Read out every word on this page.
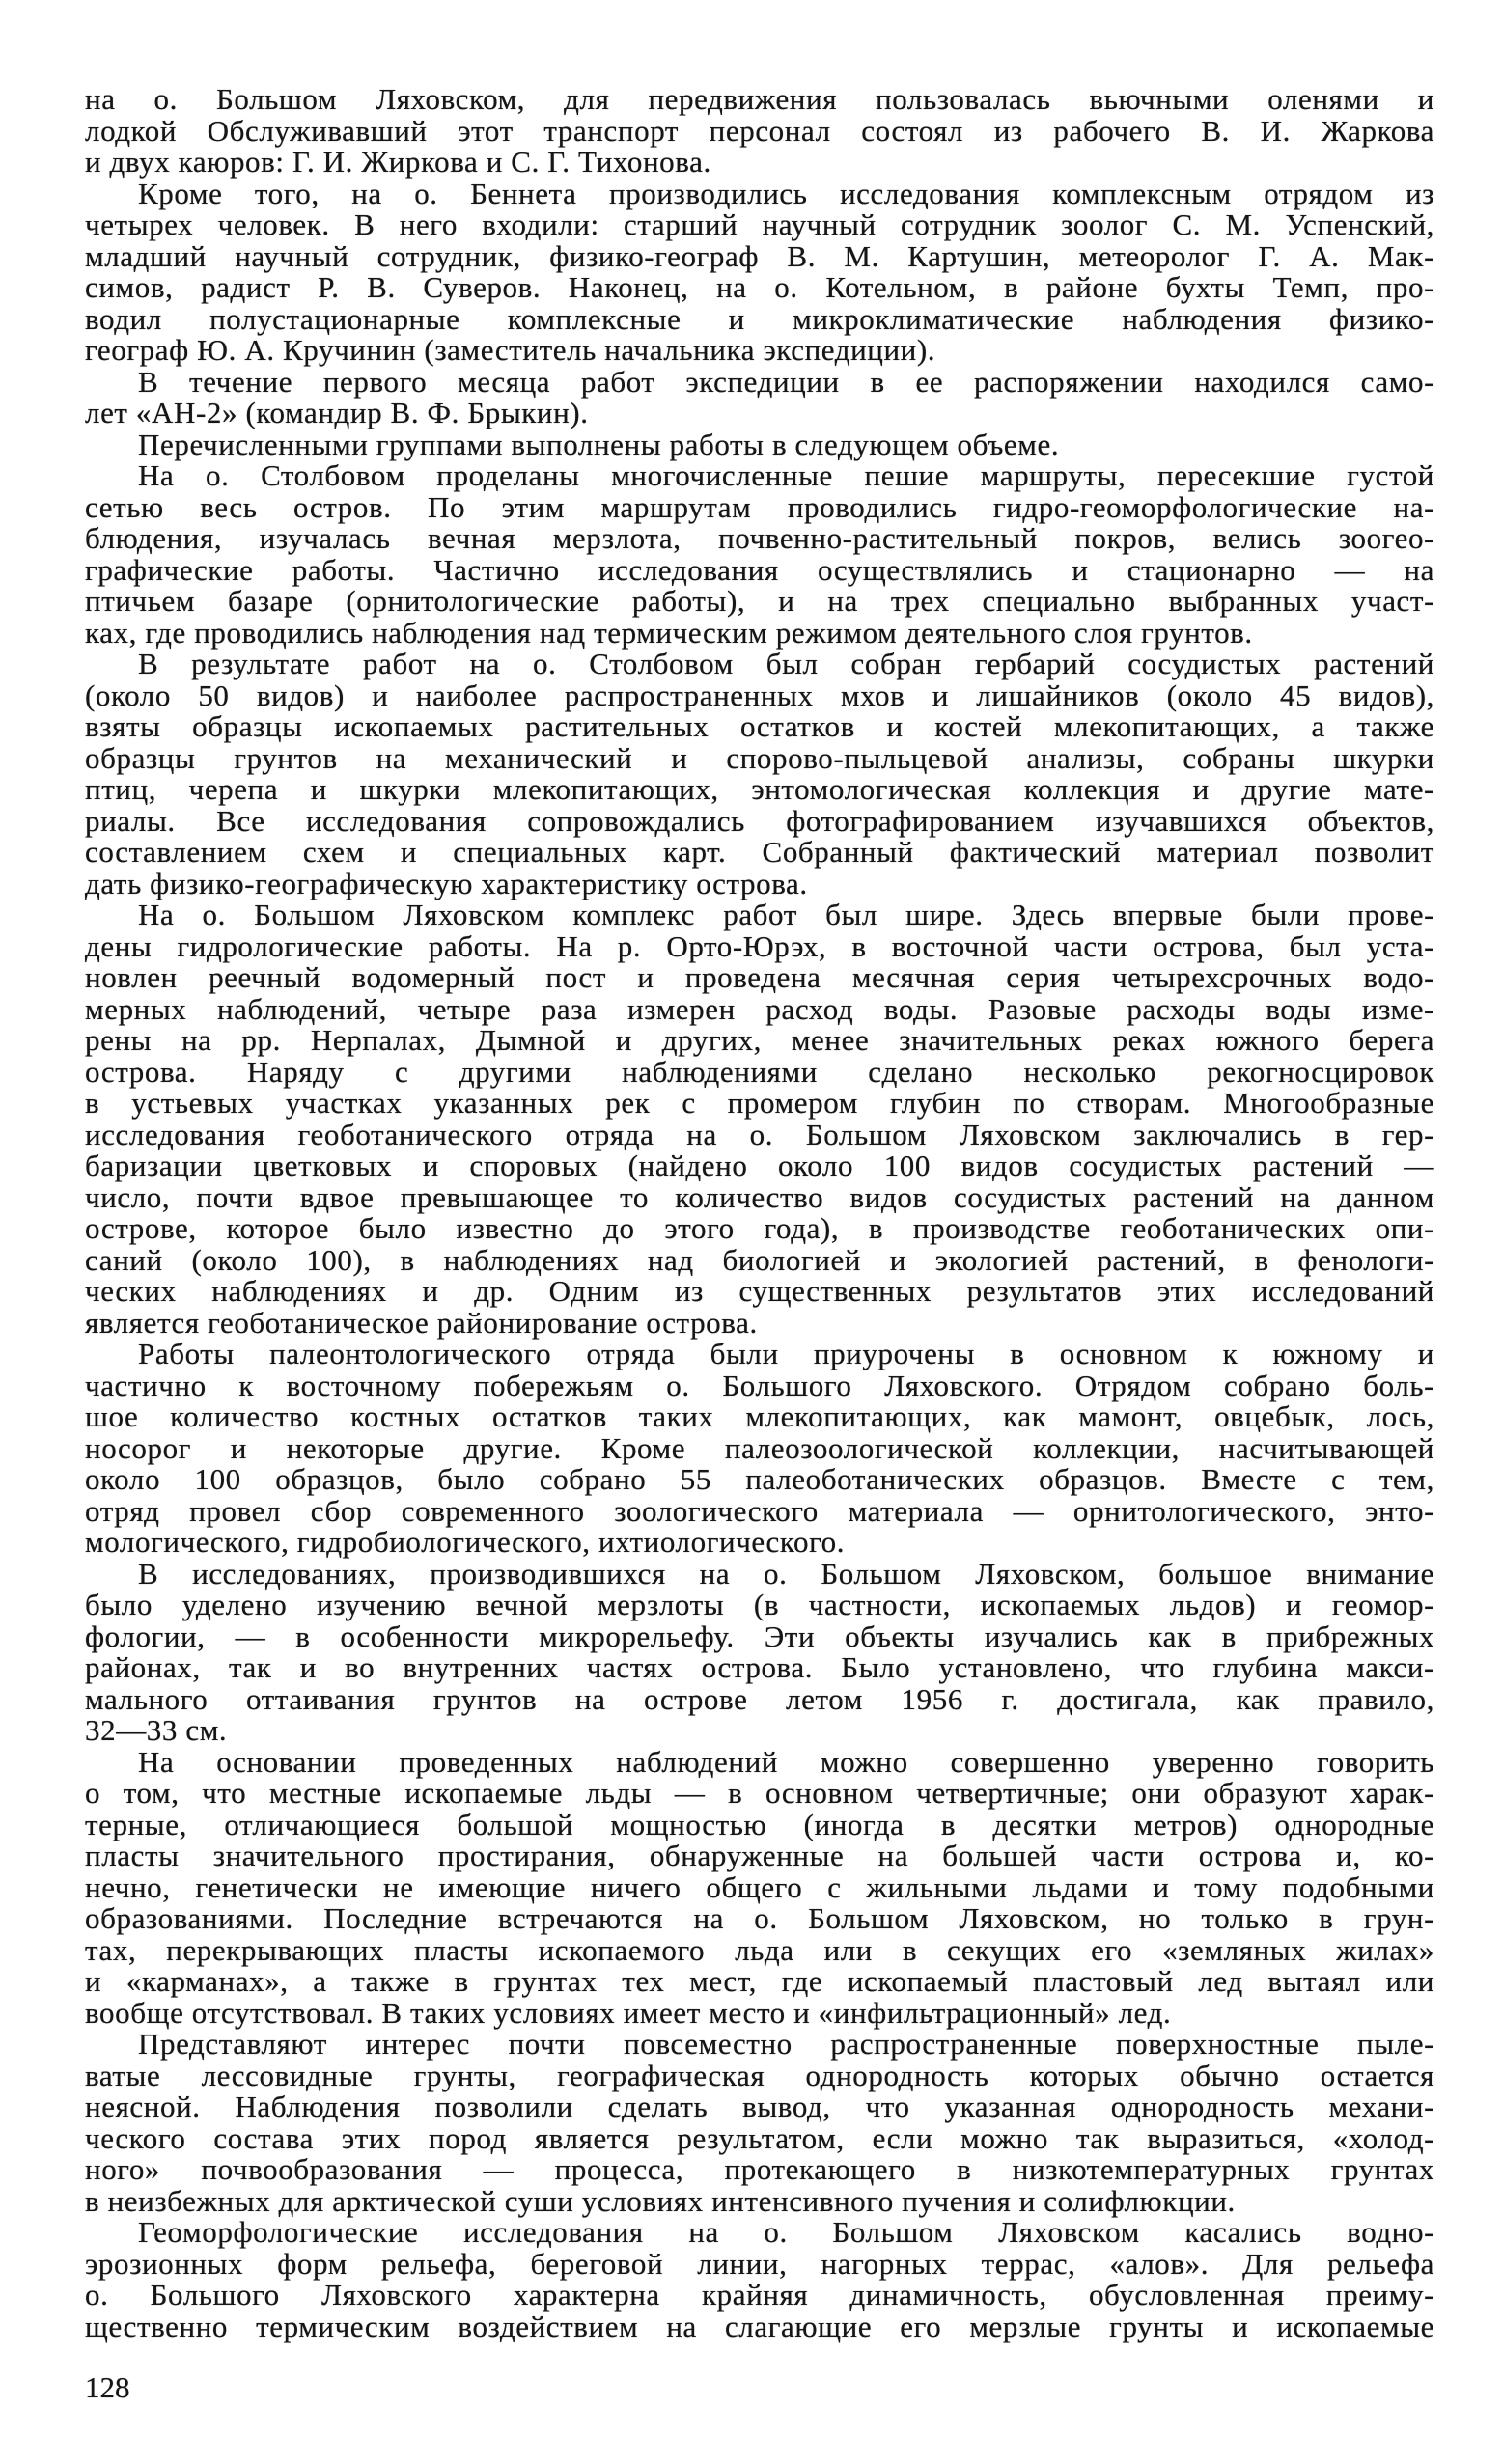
на о. Большом Ляховском, для передвижения пользовалась вьючными оленями и
лодкой Обслуживавший этот транспорт персонал состоял из рабочего В. И. Жаркова
и двух каюров: Г. И. Жиркова и С. Г. Тихонова.
Кроме того, на о. Беннета производились исследования комплексным отрядом из
четырех человек. В него входили: старший научный сотрудник зоолог С. М. Успенский,
младший научный сотрудник, физико-географ В. М. Картушин, метеоролог Г. А. Мак-
симов, радист Р. В. Суверов. Наконец, на о. Котельном, в районе бухты Темп, про-
водил полустационарные комплексные и микроклиматические наблюдения физико-
географ Ю. А. Кручинин (заместитель начальника экспедиции).
В течение первого месяца работ экспедиции в ее распоряжении находился само-
лет «АН-2» (командир В. Ф. Брыкин).
Перечисленными группами выполнены работы в следующем объеме.
На о. Столбовом проделаны многочисленные пешие маршруты, пересекшие густой
сетью весь остров. По этим маршрутам проводились гидро-геоморфологические на-
блюдения, изучалась вечная мерзлота, почвенно-растительный покров, велись зоогео-
графические работы. Частично исследования осуществлялись и стационарно — на
птичьем базаре (орнитологические работы), и на трех специально выбранных участ-
ках, где проводились наблюдения над термическим режимом деятельного слоя грунтов.
В результате работ на о. Столбовом был собран гербарий сосудистых растений
(около 50 видов) и наиболее распространенных мхов и лишайников (около 45 видов),
взяты образцы ископаемых растительных остатков и костей млекопитающих, а также
образцы грунтов на механический и спорово-пыльцевой анализы, собраны шкурки
птиц, черепа и шкурки млекопитающих, энтомологическая коллекция и другие мате-
риалы. Все исследования сопровождались фотографированием изучавшихся объектов,
составлением схем и специальных карт. Собранный фактический материал позволит
дать физико-географическую характеристику острова.
На о. Большом Ляховском комплекс работ был шире. Здесь впервые были прове-
дены гидрологические работы. На р. Орто-Юрэх, в восточной части острова, был уста-
новлен реечный водомерный пост и проведена месячная серия четырехсрочных водо-
мерных наблюдений, четыре раза измерен расход воды. Разовые расходы воды изме-
рены на рр. Нерпалах, Дымной и других, менее значительных реках южного берега
острова. Наряду с другими наблюдениями сделано несколько рекогносцировок
в устьевых участках указанных рек с промером глубин по створам. Многообразные
исследования геоботанического отряда на о. Большом Ляховском заключались в гер-
баризации цветковых и споровых (найдено около 100 видов сосудистых растений —
число, почти вдвое превышающее то количество видов сосудистых растений на данном
острове, которое было известно до этого года), в производстве геоботанических опи-
саний (около 100), в наблюдениях над биологией и экологией растений, в фенологи-
ческих наблюдениях и др. Одним из существенных результатов этих исследований
является геоботаническое районирование острова.
Работы палеонтологического отряда были приурочены в основном к южному и
частично к восточному побережьям о. Большого Ляховского. Отрядом собрано боль-
шое количество костных остатков таких млекопитающих, как мамонт, овцебык, лось,
носорог и некоторые другие. Кроме палеозоологической коллекции, насчитывающей
около 100 образцов, было собрано 55 палеоботанических образцов. Вместе с тем,
отряд провел сбор современного зоологического материала — орнитологического, энто-
мологического, гидробиологического, ихтиологического.
В исследованиях, производившихся на о. Большом Ляховском, большое внимание
было уделено изучению вечной мерзлоты (в частности, ископаемых льдов) и геомор-
фологии, — в особенности микрорельефу. Эти объекты изучались как в прибрежных
районах, так и во внутренних частях острова. Было установлено, что глубина макси-
мального оттаивания грунтов на острове летом 1956 г. достигала, как правило,
32—33 см.
На основании проведенных наблюдений можно совершенно уверенно говорить
о том, что местные ископаемые льды — в основном четвертичные; они образуют харак-
терные, отличающиеся большой мощностью (иногда в десятки метров) однородные
пласты значительного простирания, обнаруженные на большей части острова и, ко-
нечно, генетически не имеющие ничего общего с жильными льдами и тому подобными
образованиями. Последние встречаются на о. Большом Ляховском, но только в грун-
тах, перекрывающих пласты ископаемого льда или в секущих его «земляных жилах»
и «карманах», а также в грунтах тех мест, где ископаемый пластовый лед вытаял или
вообще отсутствовал. В таких условиях имеет место и «инфильтрационный» лед.
Представляют интерес почти повсеместно распространенные поверхностные пыле-
ватые лессовидные грунты, географическая однородность которых обычно остается
неясной. Наблюдения позволили сделать вывод, что указанная однородность механи-
ческого состава этих пород является результатом, если можно так выразиться, «холод-
ного» почвообразования — процесса, протекающего в низкотемпературных грунтах
в неизбежных для арктической суши условиях интенсивного пучения и солифлюкции.
Геоморфологические исследования на о. Большом Ляховском касались водно-
эрозионных форм рельефа, береговой линии, нагорных террас, «алов». Для рельефа
о. Большого Ляховского характерна крайняя динамичность, обусловленная преиму-
щественно термическим воздействием на слагающие его мерзлые грунты и ископаемые
128
